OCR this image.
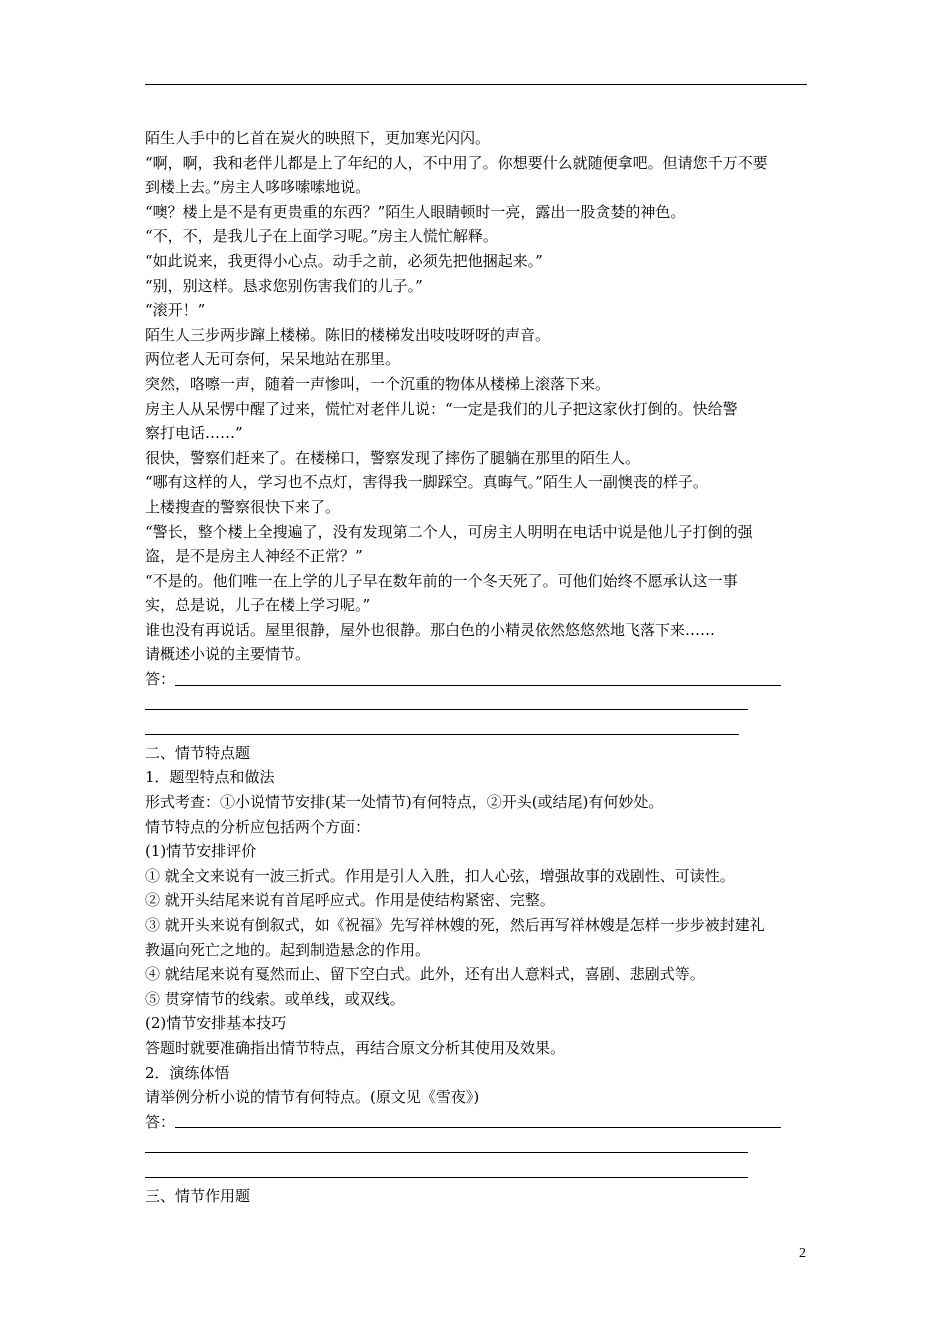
陌生人手中的匕首在炭火的映照下，更加寒光闪闪。
“啊，啊，我和老伴儿都是上了年纪的人，不中用了。你想要什么就随便拿吧。但请您千万不要
到楼上去。”房主人哆哆嗦嗦地说。
“噢？楼上是不是有更贵重的东西？”陌生人眼睛顿时一亮，露出一股贪婪的神色。
“不，不，是我儿子在上面学习呢。”房主人慌忙解释。
“如此说来，我更得小心点。动手之前，必须先把他捆起来。”
“别，别这样。恳求您别伤害我们的儿子。”
“滚开！”
陌生人三步两步蹿上楼梯。陈旧的楼梯发出吱吱呀呀的声音。
两位老人无可奈何，呆呆地站在那里。
突然，咯嚓一声，随着一声惨叫，一个沉重的物体从楼梯上滚落下来。
房主人从呆愣中醒了过来，慌忙对老伴儿说：“一定是我们的儿子把这家伙打倒的。快给警
察打电话……”
很快，警察们赶来了。在楼梯口，警察发现了摔伤了腿躺在那里的陌生人。
“哪有这样的人，学习也不点灯，害得我一脚踩空。真晦气。”陌生人一副懊丧的样子。
上楼搜查的警察很快下来了。
“警长，整个楼上全搜遍了，没有发现第二个人，可房主人明明在电话中说是他儿子打倒的强
盗，是不是房主人神经不正常？”
“不是的。他们唯一在上学的儿子早在数年前的一个冬天死了。可他们始终不愿承认这一事
实，总是说，儿子在楼上学习呢。”
谁也没有再说话。屋里很静，屋外也很静。那白色的小精灵依然悠悠然地飞落下来……
请概述小说的主要情节。
答：
二、情节特点题
1．题型特点和做法
形式考查：①小说情节安排(某一处情节)有何特点，②开头(或结尾)有何妙处。
情节特点的分析应包括两个方面：
(1)情节安排评价
① 就全文来说有一波三折式。作用是引人入胜，扣人心弦，增强故事的戏剧性、可读性。
② 就开头结尾来说有首尾呼应式。作用是使结构紧密、完整。
③ 就开头来说有倒叙式，如《祝福》先写祥林嫂的死，然后再写祥林嫂是怎样一步步被封建礼
教逼向死亡之地的。起到制造悬念的作用。
④ 就结尾来说有戛然而止、留下空白式。此外，还有出人意料式，喜剧、悲剧式等。
⑤ 贯穿情节的线索。或单线，或双线。
(2)情节安排基本技巧
答题时就要准确指出情节特点，再结合原文分析其使用及效果。
2．演练体悟
请举例分析小说的情节有何特点。(原文见《雪夜》)
答：
三、情节作用题
2
